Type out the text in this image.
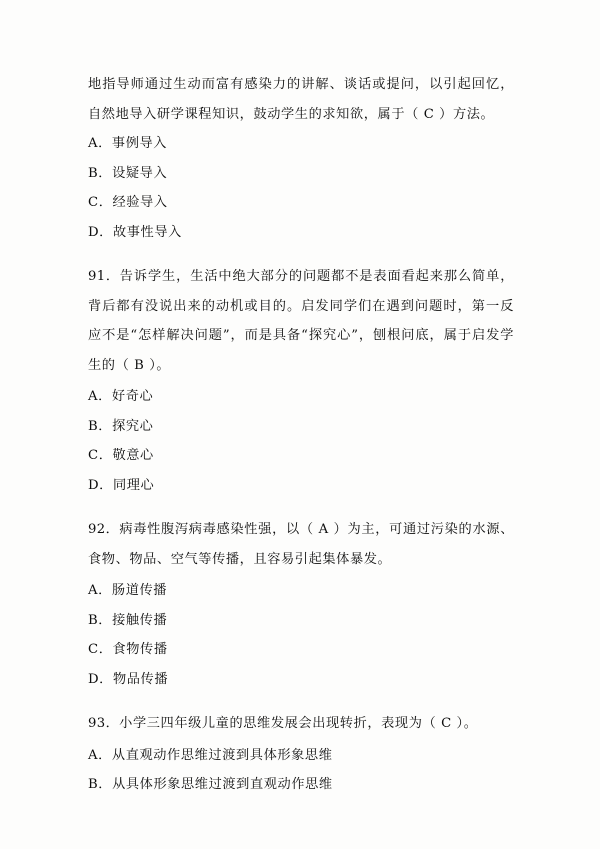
地指导师通过生动而富有感染力的讲解、谈话或提问，以引起回忆，自然地导入研学课程知识，鼓动学生的求知欲，属于（ C ）方法。

A．事例导入

B．设疑导入

C．经验导入

D．故事性导入

91．告诉学生，生活中绝大部分的问题都不是表面看起来那么简单，背后都有没说出来的动机或目的。启发同学们在遇到问题时，第一反应不是“怎样解决问题”，而是具备“探究心”，刨根问底，属于启发学生的（ B ）。

A．好奇心

B．探究心

C．敬意心

D．同理心

92．病毒性腹泻病毒感染性强，以（ A ）为主，可通过污染的水源、食物、物品、空气等传播，且容易引起集体暴发。

A．肠道传播

B．接触传播

C．食物传播

D．物品传播

93．小学三四年级儿童的思维发展会出现转折，表现为（ C ）。

A．从直观动作思维过渡到具体形象思维

B．从具体形象思维过渡到直观动作思维
